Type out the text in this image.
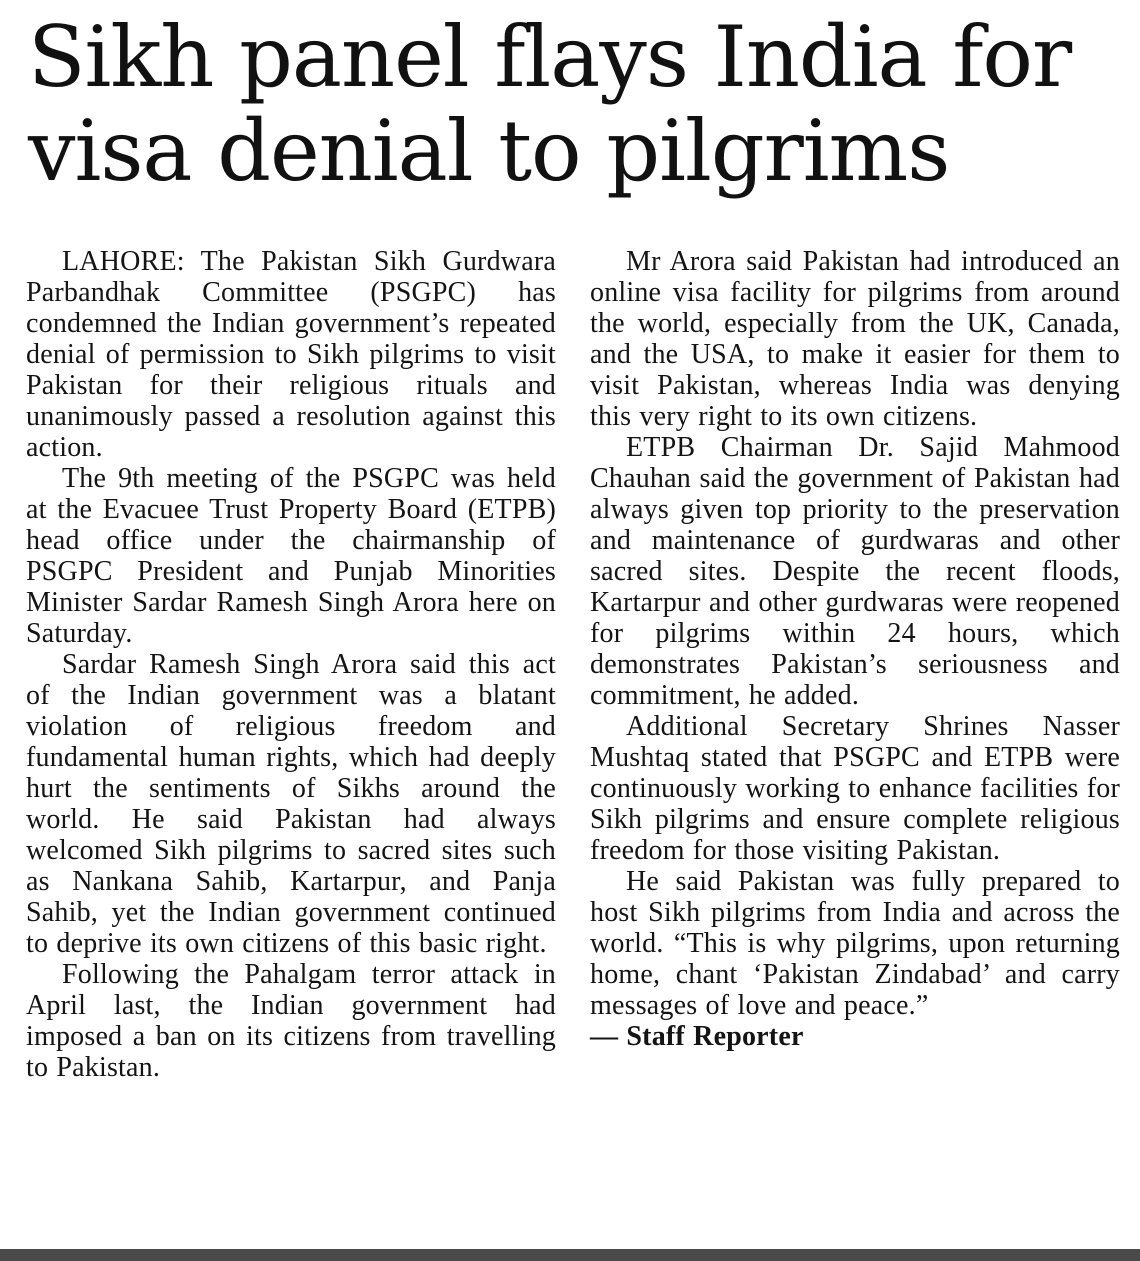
Sikh panel flays India for visa denial to pilgrims

LAHORE: The Pakistan Sikh Gurdwara Parbandhak Committee (PSGPC) has condemned the Indian government’s repeated denial of permission to Sikh pilgrims to visit Pakistan for their religious rituals and unanimously passed a resolution against this action.

The 9th meeting of the PSGPC was held at the Evacuee Trust Property Board (ETPB) head office under the chairmanship of PSGPC President and Punjab Minorities Minister Sardar Ramesh Singh Arora here on Saturday.

Sardar Ramesh Singh Arora said this act of the Indian government was a blatant violation of religious freedom and fundamental human rights, which had deeply hurt the sentiments of Sikhs around the world. He said Pakistan had always welcomed Sikh pilgrims to sacred sites such as Nankana Sahib, Kartarpur, and Panja Sahib, yet the Indian government continued to deprive its own citizens of this basic right.

Following the Pahalgam terror attack in April last, the Indian government had imposed a ban on its citizens from travelling to Pakistan.

Mr Arora said Pakistan had introduced an online visa facility for pilgrims from around the world, especially from the UK, Canada, and the USA, to make it easier for them to visit Pakistan, whereas India was denying this very right to its own citizens.

ETPB Chairman Dr. Sajid Mahmood Chauhan said the government of Pakistan had always given top priority to the preservation and maintenance of gurdwaras and other sacred sites. Despite the recent floods, Kartarpur and other gurdwaras were reopened for pilgrims within 24 hours, which demonstrates Pakistan’s seriousness and commitment, he added.

Additional Secretary Shrines Nasser Mushtaq stated that PSGPC and ETPB were continuously working to enhance facilities for Sikh pilgrims and ensure complete religious freedom for those visiting Pakistan.

He said Pakistan was fully prepared to host Sikh pilgrims from India and across the world. “This is why pilgrims, upon returning home, chant ‘Pakistan Zindabad’ and carry messages of love and peace.”

— Staff Reporter
